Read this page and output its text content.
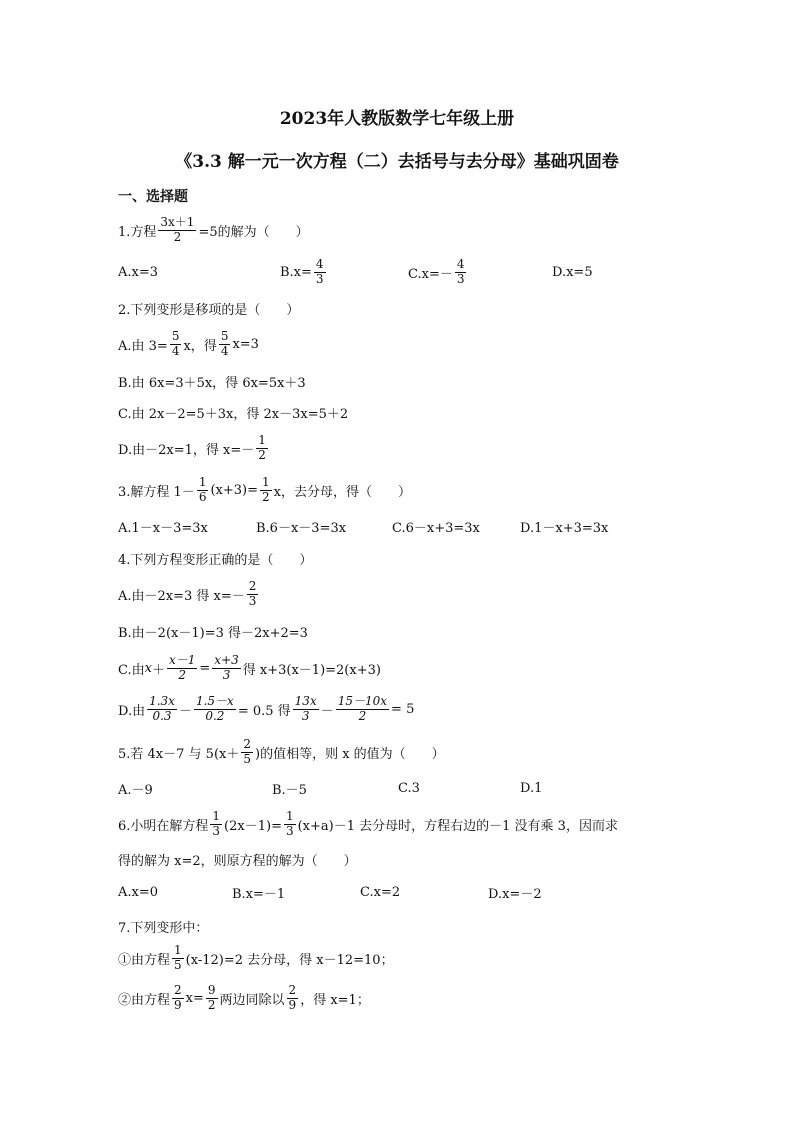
2023年人教版数学七年级上册
《3.3 解一元一次方程（二）去括号与去分母》基础巩固卷
一、选择题
1.方程 $\frac{3x+1}{2} =5$的解为（　　）
A.x=3	$B.x= \frac{4}{3}$	$C.x=- \frac{4}{3}$	D.x=5
2.下列变形是移项的是（　　）
A.由 $3= \frac{5}{4}$ x，得 $\frac{5}{4} x=3$
B.由 6x=3＋5x，得 6x=5x＋3
C.由 2x－2=5＋3x，得 2x－3x=5＋2
D.由－2x=1，得 $x=- \frac{1}{2}$
3.解方程 $1- \frac{1}{6} (x+3)= \frac{1}{2}$ x，去分母，得（　　）
A.1－x－3=3x	B.6－x－3=3x	C.6－x+3=3x	D.1－x+3=3x
4.下列方程变形正确的是（　　）
A.由－2x=3 得 $x=- \frac{2}{3}$
B.由－2(x－1)=3 得－2x+2=3
C.由 $x + \frac{x-1}{2} = \frac{x+3}{3}$ 得 x+3(x－1)=2(x+3)
D.由 $\frac{1.3x}{0.3} - \frac{1.5-x}{0.2} = 0.5$ 得 $\frac{13x}{3} - \frac{15-10x}{2} = 5$
5.若 4x－7 与 $5(x+ \frac{2}{5}$ )的值相等，则 x 的值为（　　）
A.－9	B.－5	C.3	D.1
6.小明在解方程 $\frac{1}{3} (2x-1)= \frac{1}{3} (x+a)-1$ 去分母时，方程右边的－1 没有乘 3，因而求
得的解为 x=2，则原方程的解为（　　）
A.x=0	B.x=－1	C.x=2	D.x=－2
7.下列变形中：
①由方程 $\frac{1}{5} (x-12)=2$ 去分母，得 x－12=10；
②由方程 $\frac{2}{9} x= \frac{9}{2}$ 两边同除以 $\frac{2}{9}$ ，得 x=1；
